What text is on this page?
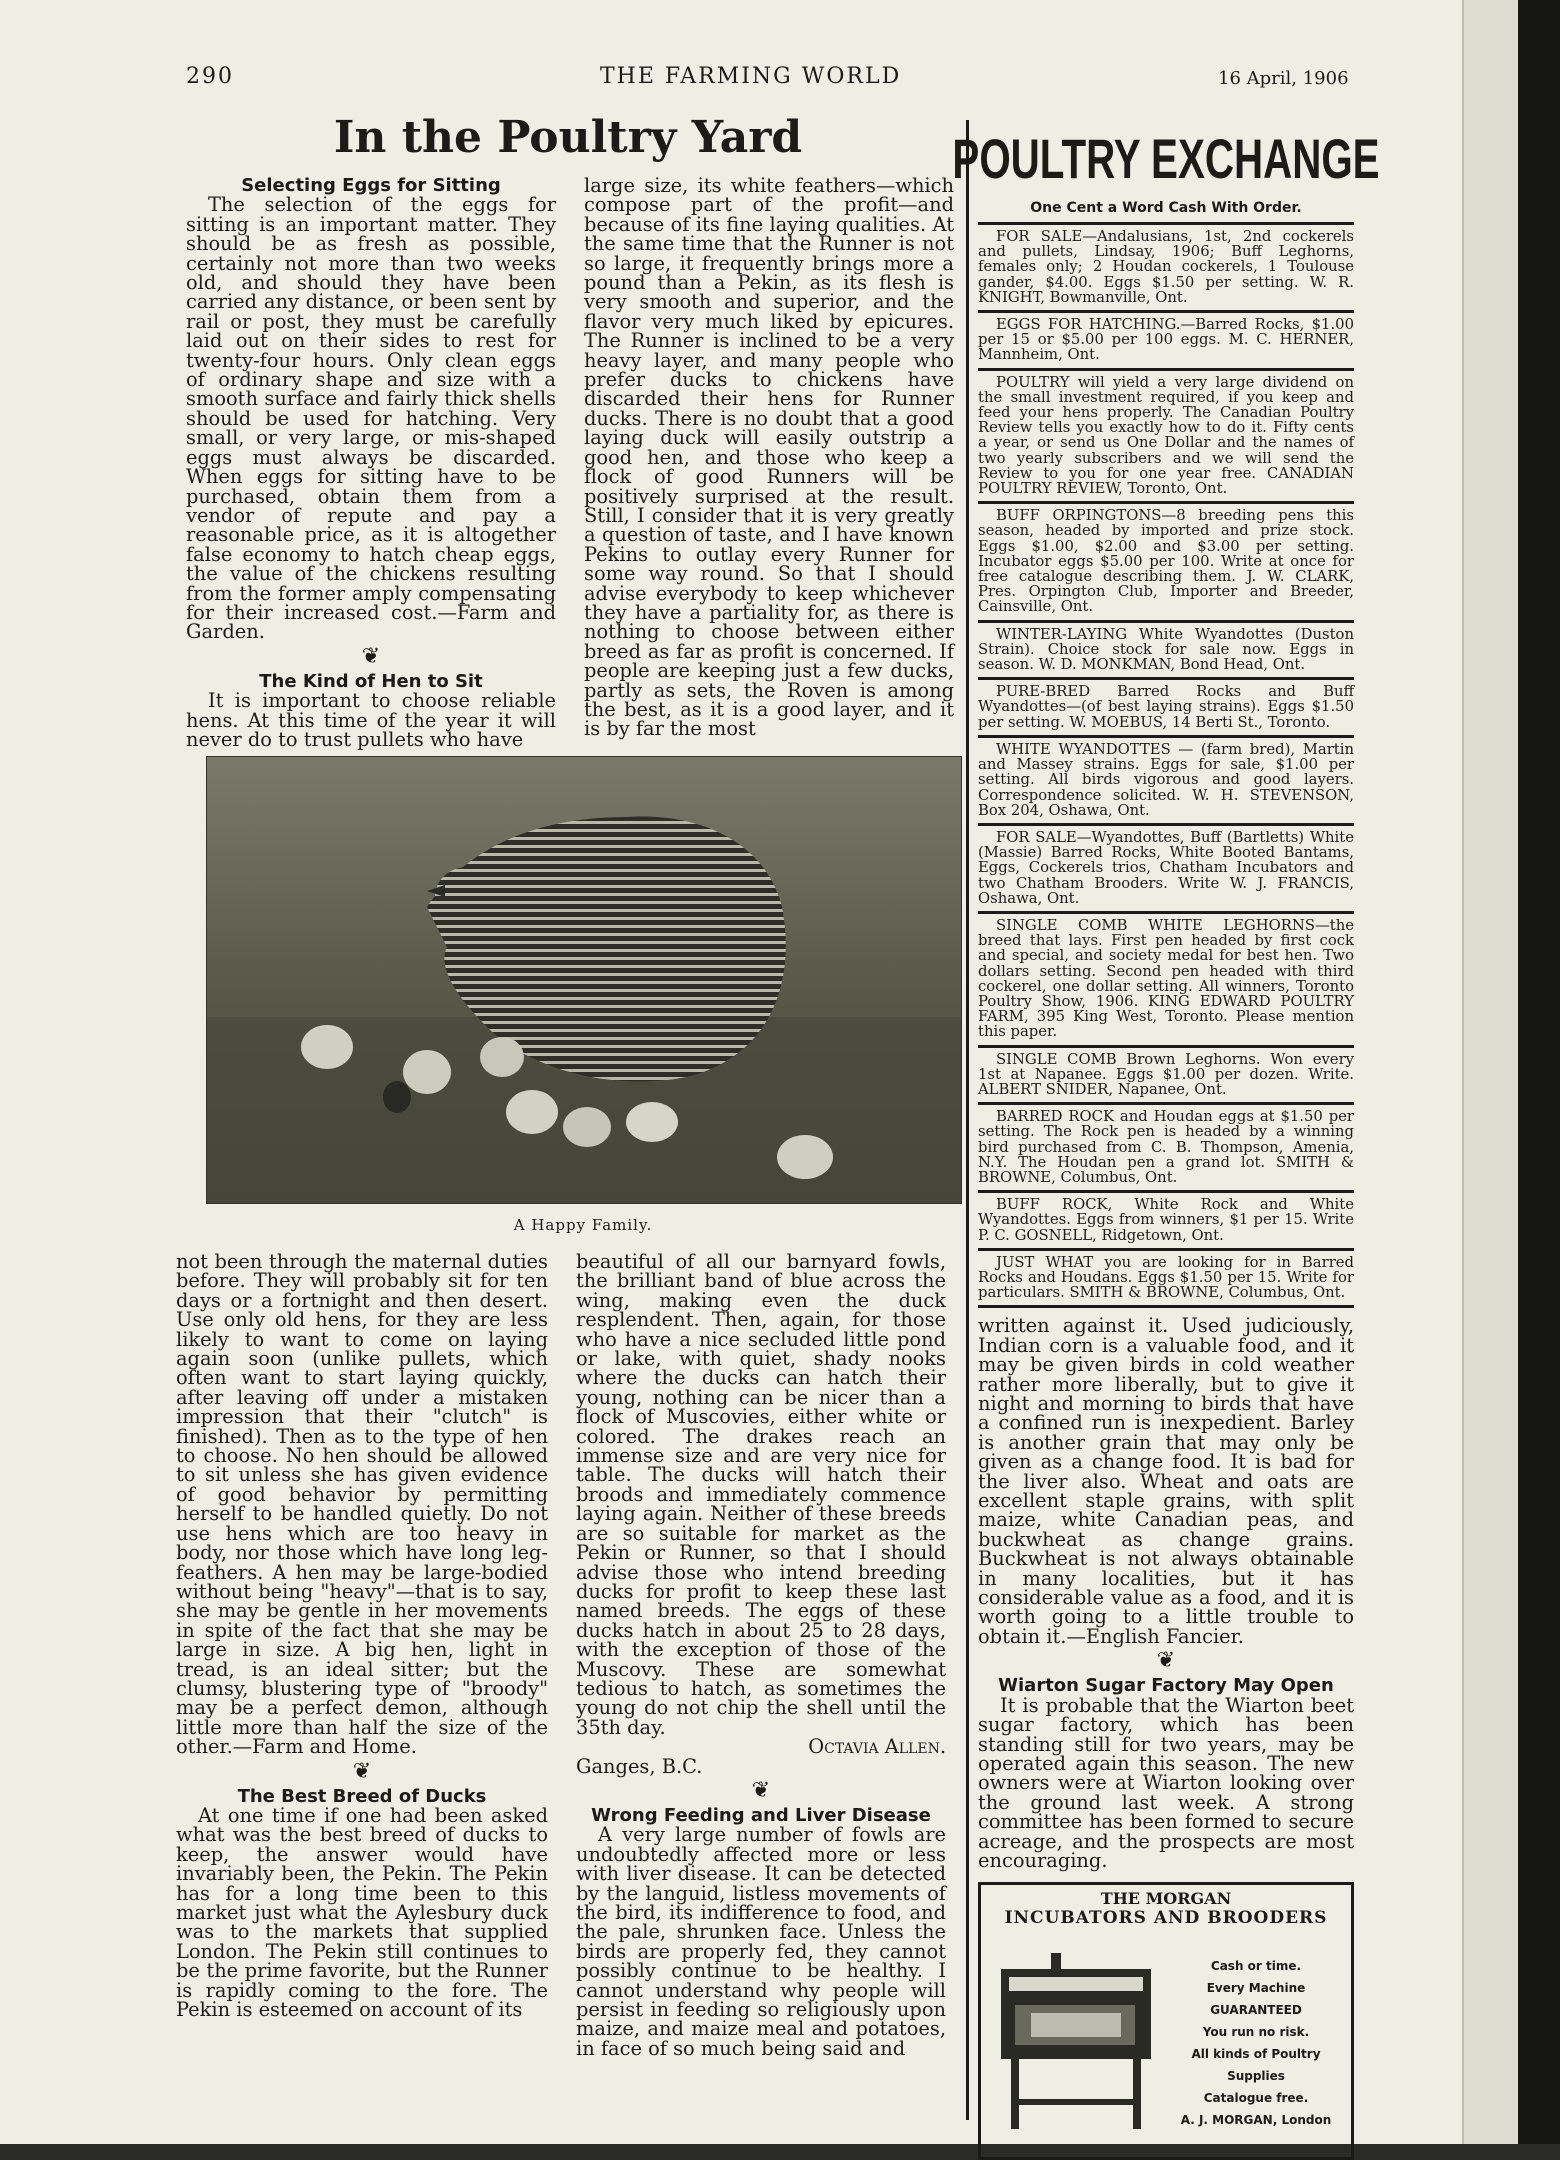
290	THE FARMING WORLD	16 April, 1906
In the Poultry Yard
Selecting Eggs for Sitting

The selection of the eggs for sitting is an important matter. They should be as fresh as possible, certainly not more than two weeks old, and should they have been carried any distance, or been sent by rail or post, they must be carefully laid out on their sides to rest for twenty-four hours. Only clean eggs of ordinary shape and size with a smooth surface and fairly thick shells should be used for hatching. Very small, or very large, or mis-shaped eggs must always be discarded. When eggs for sitting have to be purchased, obtain them from a vendor of repute and pay a reasonable price, as it is altogether false economy to hatch cheap eggs, the value of the chickens resulting from the former amply compensating for their increased cost.—Farm and Garden.

❦
The Kind of Hen to Sit

It is important to choose reliable hens. At this time of the year it will never do to trust pullets who have

large size, its white feathers—which compose part of the profit—and because of its fine laying qualities. At the same time that the Runner is not so large, it frequently brings more a pound than a Pekin, as its flesh is very smooth and superior, and the flavor very much liked by epicures. The Runner is inclined to be a very heavy layer, and many people who prefer ducks to chickens have discarded their hens for Runner ducks. There is no doubt that a good laying duck will easily outstrip a good hen, and those who keep a flock of good Runners will be positively surprised at the result. Still, I consider that it is very greatly a question of taste, and I have known Pekins to outlay every Runner for some way round. So that I should advise everybody to keep whichever they have a partiality for, as there is nothing to choose between either breed as far as profit is concerned. If people are keeping just a few ducks, partly as sets, the Roven is among the best, as it is a good layer, and it is by far the most

A Happy Family.

not been through the maternal duties before. They will probably sit for ten days or a fortnight and then desert. Use only old hens, for they are less likely to want to come on laying again soon (unlike pullets, which often want to start laying quickly, after leaving off under a mistaken impression that their "clutch" is finished). Then as to the type of hen to choose. No hen should be allowed to sit unless she has given evidence of good behavior by permitting herself to be handled quietly. Do not use hens which are too heavy in body, nor those which have long leg-feathers. A hen may be large-bodied without being "heavy"—that is to say, she may be gentle in her movements in spite of the fact that she may be large in size. A big hen, light in tread, is an ideal sitter; but the clumsy, blustering type of "broody" may be a perfect demon, although little more than half the size of the other.—Farm and Home.

❦
The Best Breed of Ducks

At one time if one had been asked what was the best breed of ducks to keep, the answer would have invariably been, the Pekin. The Pekin has for a long time been to this market just what the Aylesbury duck was to the markets that supplied London. The Pekin still continues to be the prime favorite, but the Runner is rapidly coming to the fore. The Pekin is esteemed on account of its

beautiful of all our barnyard fowls, the brilliant band of blue across the wing, making even the duck resplendent. Then, again, for those who have a nice secluded little pond or lake, with quiet, shady nooks where the ducks can hatch their young, nothing can be nicer than a flock of Muscovies, either white or colored. The drakes reach an immense size and are very nice for table. The ducks will hatch their broods and immediately commence laying again. Neither of these breeds are so suitable for market as the Pekin or Runner, so that I should advise those who intend breeding ducks for profit to keep these last named breeds. The eggs of these ducks hatch in about 25 to 28 days, with the exception of those of the Muscovy. These are somewhat tedious to hatch, as sometimes the young do not chip the shell until the 35th day.

Octavia Allen.
Ganges, B.C.
❦
Wrong Feeding and Liver Disease

A very large number of fowls are undoubtedly affected more or less with liver disease. It can be detected by the languid, listless movements of the bird, its indifference to food, and the pale, shrunken face. Unless the birds are properly fed, they cannot possibly continue to be healthy. I cannot understand why people will persist in feeding so religiously upon maize, and maize meal and potatoes, in face of so much being said and

POULTRY EXCHANGE
One Cent a Word Cash With Order.

FOR SALE—Andalusians, 1st, 2nd cockerels and pullets, Lindsay, 1906; Buff Leghorns, females only; 2 Houdan cockerels, 1 Toulouse gander, $4.00. Eggs $1.50 per setting. W. R. KNIGHT, Bowmanville, Ont.

EGGS FOR HATCHING.—Barred Rocks, $1.00 per 15 or $5.00 per 100 eggs. M. C. HERNER, Mannheim, Ont.

POULTRY will yield a very large dividend on the small investment required, if you keep and feed your hens properly. The Canadian Poultry Review tells you exactly how to do it. Fifty cents a year, or send us One Dollar and the names of two yearly subscribers and we will send the Review to you for one year free. CANADIAN POULTRY REVIEW, Toronto, Ont.

BUFF ORPINGTONS—8 breeding pens this season, headed by imported and prize stock. Eggs $1.00, $2.00 and $3.00 per setting. Incubator eggs $5.00 per 100. Write at once for free catalogue describing them. J. W. CLARK, Pres. Orpington Club, Importer and Breeder, Cainsville, Ont.

WINTER-LAYING White Wyandottes (Duston Strain). Choice stock for sale now. Eggs in season. W. D. MONKMAN, Bond Head, Ont.

PURE-BRED Barred Rocks and Buff Wyandottes—(of best laying strains). Eggs $1.50 per setting. W. MOEBUS, 14 Berti St., Toronto.

WHITE WYANDOTTES — (farm bred), Martin and Massey strains. Eggs for sale, $1.00 per setting. All birds vigorous and good layers. Correspondence solicited. W. H. STEVENSON, Box 204, Oshawa, Ont.

FOR SALE—Wyandottes, Buff (Bartletts) White (Massie) Barred Rocks, White Booted Bantams, Eggs, Cockerels trios, Chatham Incubators and two Chatham Brooders. Write W. J. FRANCIS, Oshawa, Ont.

SINGLE COMB WHITE LEGHORNS—the breed that lays. First pen headed by first cock and special, and society medal for best hen. Two dollars setting. Second pen headed with third cockerel, one dollar setting. All winners, Toronto Poultry Show, 1906. KING EDWARD POULTRY FARM, 395 King West, Toronto. Please mention this paper.

SINGLE COMB Brown Leghorns. Won every 1st at Napanee. Eggs $1.00 per dozen. Write. ALBERT SNIDER, Napanee, Ont.

BARRED ROCK and Houdan eggs at $1.50 per setting. The Rock pen is headed by a winning bird purchased from C. B. Thompson, Amenia, N.Y. The Houdan pen a grand lot. SMITH & BROWNE, Columbus, Ont.

BUFF ROCK, White Rock and White Wyandottes. Eggs from winners, $1 per 15. Write P. C. GOSNELL, Ridgetown, Ont.

JUST WHAT you are looking for in Barred Rocks and Houdans. Eggs $1.50 per 15. Write for particulars. SMITH & BROWNE, Columbus, Ont.

written against it. Used judiciously, Indian corn is a valuable food, and it may be given birds in cold weather rather more liberally, but to give it night and morning to birds that have a confined run is inexpedient. Barley is another grain that may only be given as a change food. It is bad for the liver also. Wheat and oats are excellent staple grains, with split maize, white Canadian peas, and buckwheat as change grains. Buckwheat is not always obtainable in many localities, but it has considerable value as a food, and it is worth going to a little trouble to obtain it.—English Fancier.

❦
Wiarton Sugar Factory May Open

It is probable that the Wiarton beet sugar factory, which has been standing still for two years, may be operated again this season. The new owners were at Wiarton looking over the ground last week. A strong committee has been formed to secure acreage, and the prospects are most encouraging.

THE MORGAN
INCUBATORS AND BROODERS
Cash or time.
Every Machine GUARANTEED
You run no risk.
All kinds of Poultry Supplies
Catalogue free.
A. J. MORGAN, London
